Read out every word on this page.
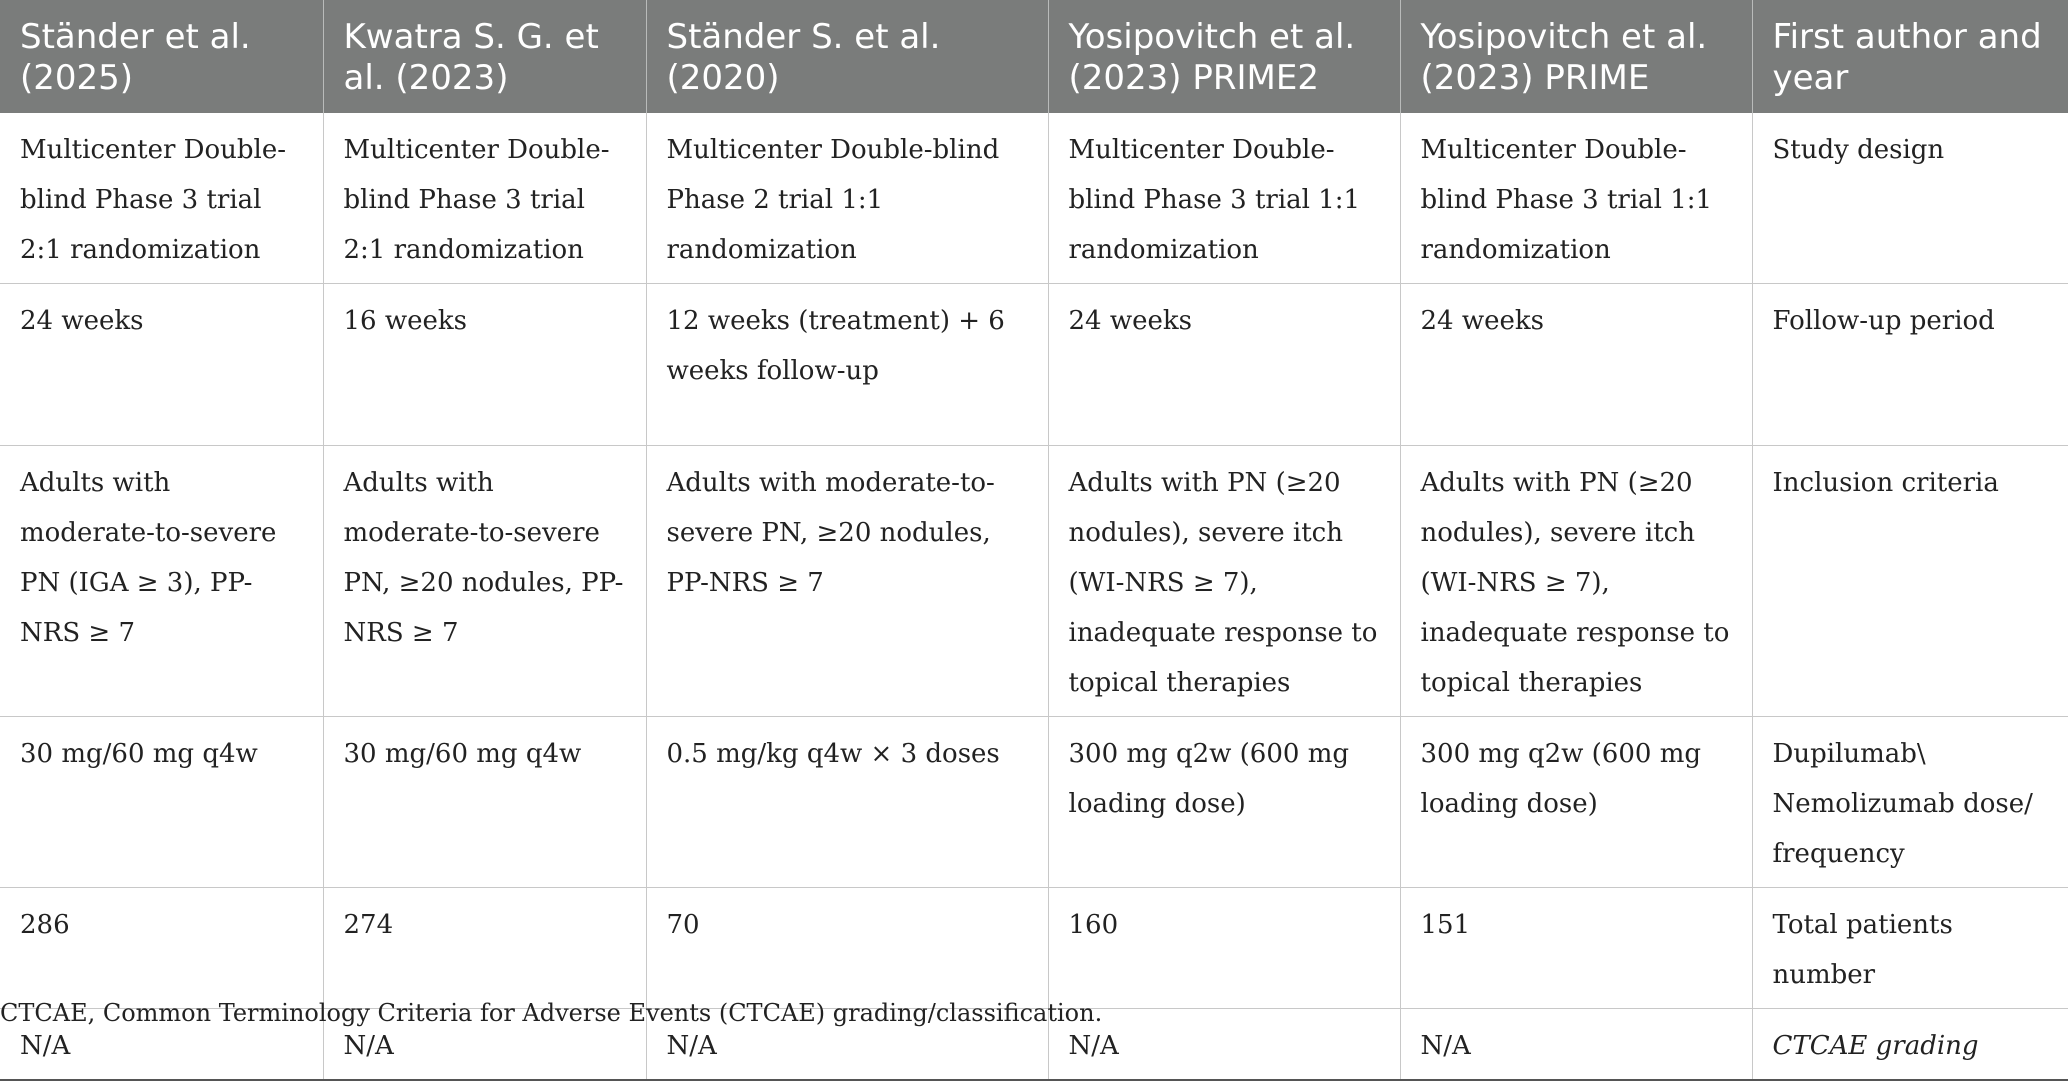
Ständer et al. (2025)	Kwatra S. G. et al. (2023)	Ständer S. et al. (2020)	Yosipovitch et al. (2023) PRIME2	Yosipovitch et al. (2023) PRIME	First author and year
Multicenter Double-blind Phase 3 trial 2:1 randomization	Multicenter Double-blind Phase 3 trial 2:1 randomization	Multicenter Double-blind Phase 2 trial 1:1 randomization	Multicenter Double-blind Phase 3 trial 1:1 randomization	Multicenter Double-blind Phase 3 trial 1:1 randomization	Study design
24 weeks	16 weeks	12 weeks (treatment) + 6 weeks follow-up	24 weeks	24 weeks	Follow-up period
Adults with moderate-to-severe PN (IGA ≥ 3), PP-NRS ≥ 7	Adults with moderate-to-severe PN, ≥20 nodules, PP-NRS ≥ 7	Adults with moderate-to-severe PN, ≥20 nodules, PP-NRS ≥ 7	Adults with PN (≥20 nodules), severe itch (WI-NRS ≥ 7), inadequate response to topical therapies	Adults with PN (≥20 nodules), severe itch (WI-NRS ≥ 7), inadequate response to topical therapies	Inclusion criteria
30 mg/60 mg q4w	30 mg/60 mg q4w	0.5 mg/kg q4w × 3 doses	300 mg q2w (600 mg loading dose)	300 mg q2w (600 mg loading dose)	Dupilumab\ Nemolizumab dose/ frequency
286	274	70	160	151	Total patients number
N/A	N/A	N/A	N/A	N/A	CTCAE grading
CTCAE, Common Terminology Criteria for Adverse Events (CTCAE) grading/classification.
